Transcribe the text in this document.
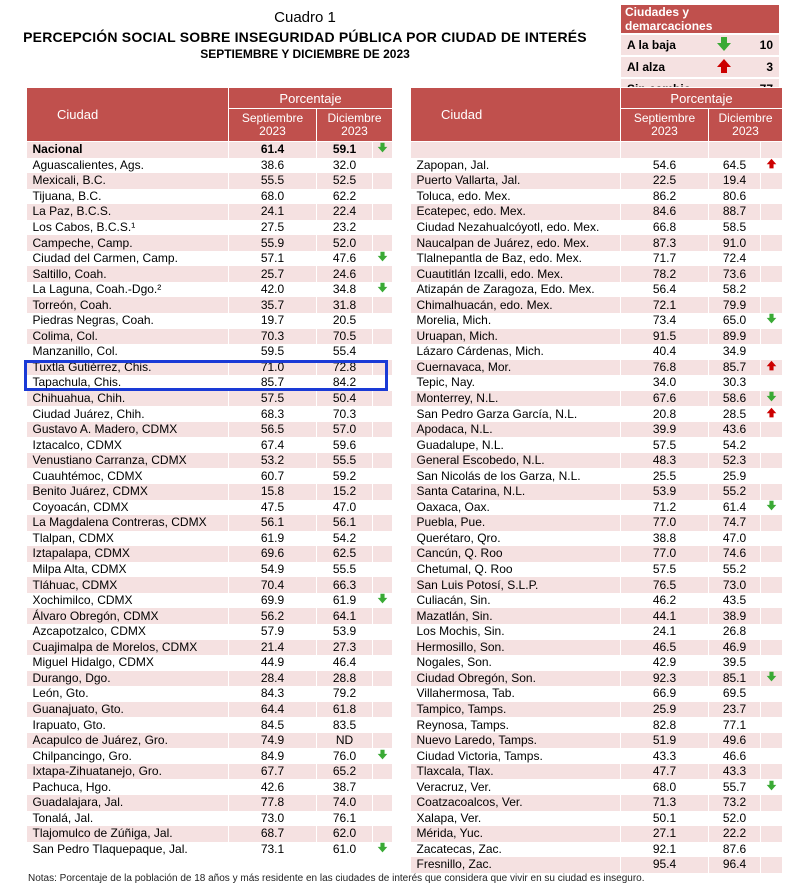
Cuadro 1
PERCEPCIÓN SOCIAL SOBRE INSEGURIDAD PÚBLICA POR CIUDAD DE INTERÉS
SEPTIEMBRE Y DICIEMBRE DE 2023
Ciudades y demarcaciones		
A la baja		10
Al alza		3

Ciudad	Porcentaje		
	Septiembre 2023	Diciembre 2023	
Nacional	61.4	59.1	
Aguascalientes, Ags.	38.6	32.0	
Mexicali, B.C.	55.5	52.5	
Tijuana, B.C.	68.0	62.2	
La Paz, B.C.S.	24.1	22.4	
Los Cabos, B.C.S.¹	27.5	23.2	
Campeche, Camp.	55.9	52.0	
Ciudad del Carmen, Camp.	57.1	47.6	
Saltillo, Coah.	25.7	24.6	
La Laguna, Coah.-Dgo.²	42.0	34.8	
Torreón, Coah.	35.7	31.8	
Piedras Negras, Coah.	19.7	20.5	
Colima, Col.	70.3	70.5	
Manzanillo, Col.	59.5	55.4	
Tuxtla Gutiérrez, Chis.	71.0	72.8	
Tapachula, Chis.	85.7	84.2	
Chihuahua, Chih.	57.5	50.4	
Ciudad Juárez, Chih.	68.3	70.3	
Gustavo A. Madero, CDMX	56.5	57.0	
Iztacalco, CDMX	67.4	59.6	
Venustiano Carranza, CDMX	53.2	55.5	
Cuauhtémoc, CDMX	60.7	59.2	
Benito Juárez, CDMX	15.8	15.2	
Coyoacán, CDMX	47.5	47.0	
La Magdalena Contreras, CDMX	56.1	56.1	
Tlalpan, CDMX	61.9	54.2	
Iztapalapa, CDMX	69.6	62.5	
Milpa Alta, CDMX	54.9	55.5	
Tláhuac, CDMX	70.4	66.3	
Xochimilco, CDMX	69.9	61.9	
Álvaro Obregón, CDMX	56.2	64.1	
Azcapotzalco, CDMX	57.9	53.9	
Cuajimalpa de Morelos, CDMX	21.4	27.3	
Miguel Hidalgo, CDMX	44.9	46.4	
Durango, Dgo.	28.4	28.8	
León, Gto.	84.3	79.2	
Guanajuato, Gto.	64.4	61.8	
Irapuato, Gto.	84.5	83.5	
Acapulco de Juárez, Gro.	74.9	ND	
Chilpancingo, Gro.	84.9	76.0	
Ixtapa-Zihuatanejo, Gro.	67.7	65.2	
Pachuca, Hgo.	42.6	38.7	
Guadalajara, Jal.	77.8	74.0	
Tonalá, Jal.	73.0	76.1	
Tlajomulco de Zúñiga, Jal.	68.7	62.0	
San Pedro Tlaquepaque, Jal.	73.1	61.0	
Ciudad	Porcentaje		
	Septiembre 2023	Diciembre 2023	

Zapopan, Jal.	54.6	64.5	
Puerto Vallarta, Jal.	22.5	19.4	
Toluca, edo. Mex.	86.2	80.6	
Ecatepec, edo. Mex.	84.6	88.7	
Ciudad Nezahualcóyotl, edo. Mex.	66.8	58.5	
Naucalpan de Juárez, edo. Mex.	87.3	91.0	
Tlalnepantla de Baz, edo. Mex.	71.7	72.4	
Cuautitlán Izcalli, edo. Mex.	78.2	73.6	
Atizapán de Zaragoza, Edo. Mex.	56.4	58.2	
Chimalhuacán, edo. Mex.	72.1	79.9	
Morelia, Mich.	73.4	65.0	
Uruapan, Mich.	91.5	89.9	
Lázaro Cárdenas, Mich.	40.4	34.9	
Cuernavaca, Mor.	76.8	85.7	
Tepic, Nay.	34.0	30.3	
Monterrey, N.L.	67.6	58.6	
San Pedro Garza García, N.L.	20.8	28.5	
Apodaca, N.L.	39.9	43.6	
Guadalupe, N.L.	57.5	54.2	
General Escobedo, N.L.	48.3	52.3	
San Nicolás de los Garza, N.L.	25.5	25.9	
Santa Catarina, N.L.	53.9	55.2	
Oaxaca, Oax.	71.2	61.4	
Puebla, Pue.	77.0	74.7	
Querétaro, Qro.	38.8	47.0	
Cancún, Q. Roo	77.0	74.6	
Chetumal, Q. Roo	57.5	55.2	
San Luis Potosí, S.L.P.	76.5	73.0	
Culiacán, Sin.	46.2	43.5	
Mazatlán, Sin.	44.1	38.9	
Los Mochis, Sin.	24.1	26.8	
Hermosillo, Son.	46.5	46.9	
Nogales, Son.	42.9	39.5	
Ciudad Obregón, Son.	92.3	85.1	
Villahermosa, Tab.	66.9	69.5	
Tampico, Tamps.	25.9	23.7	
Reynosa, Tamps.	82.8	77.1	
Nuevo Laredo, Tamps.	51.9	49.6	
Ciudad Victoria, Tamps.	43.3	46.6	
Tlaxcala, Tlax.	47.7	43.3	
Veracruz, Ver.	68.0	55.7	
Coatzacoalcos, Ver.	71.3	73.2	
Xalapa, Ver.	50.1	52.0	
Mérida, Yuc.	27.1	22.2	
Zacatecas, Zac.	92.1	87.6	
Fresnillo, Zac.	95.4	96.4	
Notas: Porcentaje de la población de 18 años y más residente en las ciudades de interés que considera que vivir en su ciudad es inseguro.
